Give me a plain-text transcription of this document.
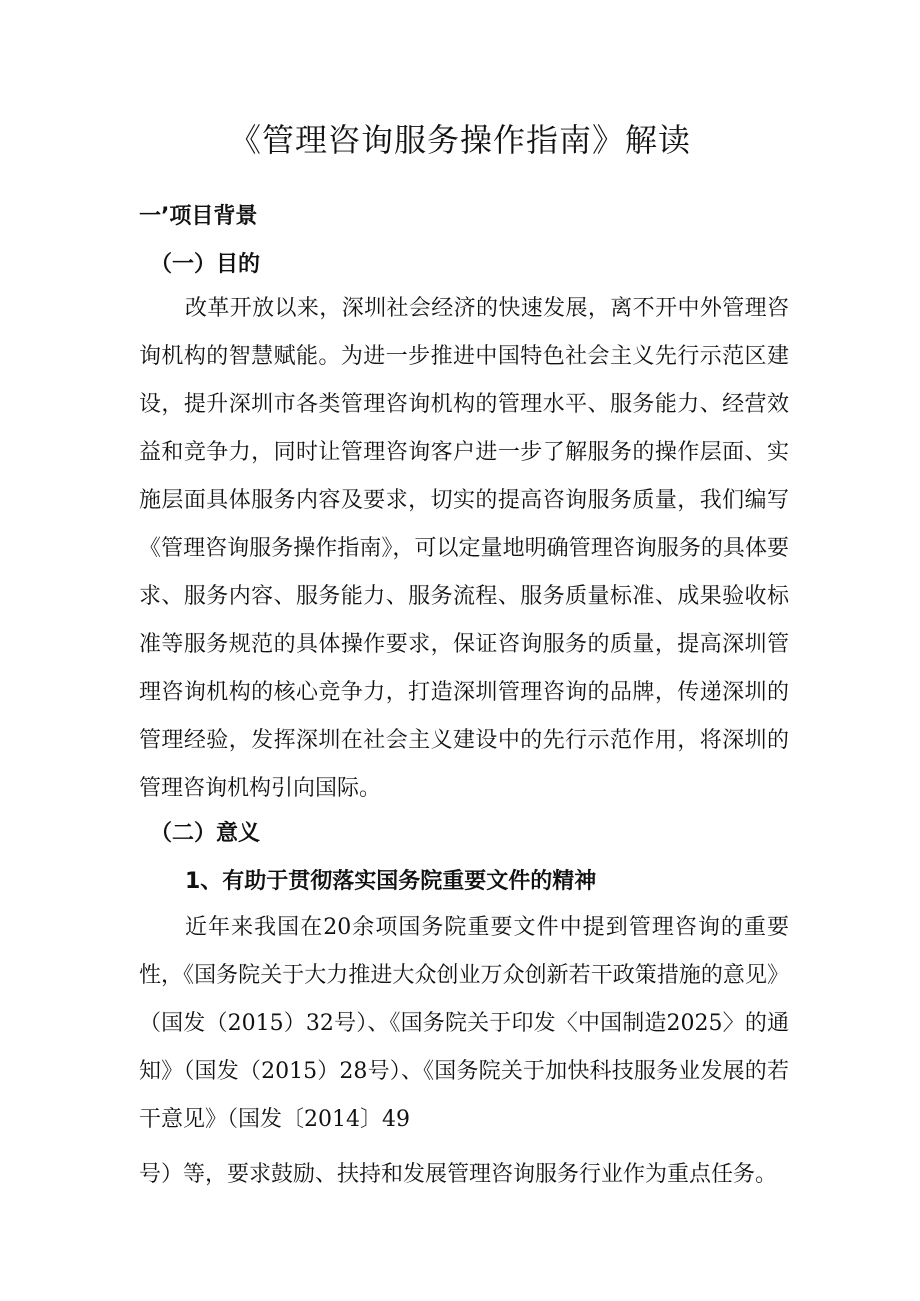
《管理咨询服务操作指南》解读
一’项目背景
（一）目的

改革开放以来，深圳社会经济的快速发展，离不开中外管理咨询机构的智慧赋能。为进一步推进中国特色社会主义先行示范区建设，提升深圳市各类管理咨询机构的管理水平、服务能力、经营效益和竞争力，同时让管理咨询客户进一步了解服务的操作层面、实施层面具体服务内容及要求，切实的提高咨询服务质量，我们编写《管理咨询服务操作指南》，可以定量地明确管理咨询服务的具体要求、服务内容、服务能力、服务流程、服务质量标准、成果验收标准等服务规范的具体操作要求，保证咨询服务的质量，提高深圳管理咨询机构的核心竞争力，打造深圳管理咨询的品牌，传递深圳的管理经验，发挥深圳在社会主义建设中的先行示范作用，将深圳的管理咨询机构引向国际。

（二）意义
1、有助于贯彻落实国务院重要文件的精神

近年来我国在20余项国务院重要文件中提到管理咨询的重要性，《国务院关于大力推进大众创业万众创新若干政策措施的意见》（国发（2015）32号）、《国务院关于印发〈中国制造2025〉的通知》（国发（2015）28号）、《国务院关于加快科技服务业发展的若干意见》（国发〔2014〕49

号）等，要求鼓励、扶持和发展管理咨询服务行业作为重点任务。
